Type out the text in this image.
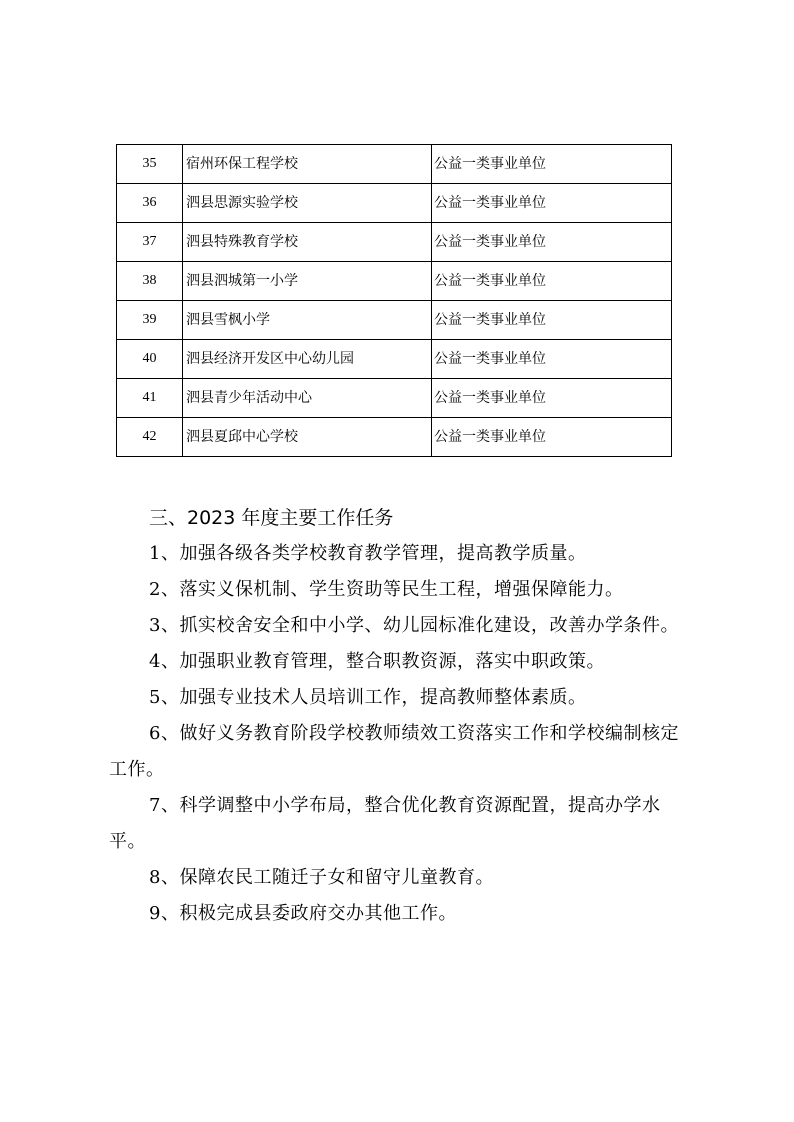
35	宿州环保工程学校	公益一类事业单位
36	泗县思源实验学校	公益一类事业单位
37	泗县特殊教育学校	公益一类事业单位
38	泗县泗城第一小学	公益一类事业单位
39	泗县雪枫小学	公益一类事业单位
40	泗县经济开发区中心幼儿园	公益一类事业单位
41	泗县青少年活动中心	公益一类事业单位
42	泗县夏邱中心学校	公益一类事业单位
三、2023 年度主要工作任务

1、加强各级各类学校教育教学管理，提高教学质量。

2、落实义保机制、学生资助等民生工程，增强保障能力。

3、抓实校舍安全和中小学、幼儿园标准化建设，改善办学条件。

4、加强职业教育管理，整合职教资源，落实中职政策。

5、加强专业技术人员培训工作，提高教师整体素质。

6、做好义务教育阶段学校教师绩效工资落实工作和学校编制核定工作。

7、科学调整中小学布局，整合优化教育资源配置，提高办学水平。

8、保障农民工随迁子女和留守儿童教育。

9、积极完成县委政府交办其他工作。
